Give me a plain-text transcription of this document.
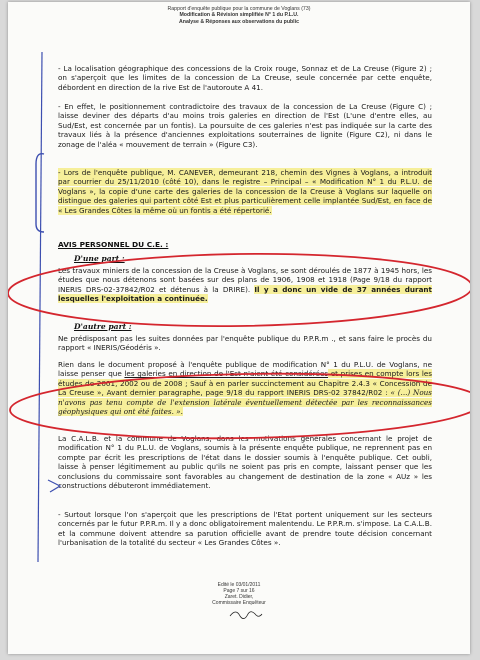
Rapport d'enquête publique pour la commune de Voglans (73)
Modification & Révision simplifiée N° 1 du P.L.U.
Analyse & Réponses aux observations du public
- La localisation géographique des concessions de la Croix rouge, Sonnaz et de La Creuse (Figure 2) ; on s'aperçoit que les limites de la concession de La Creuse, seule concernée par cette enquête, débordent en direction de la rive Est de l'autoroute A 41.
- En effet, le positionnement contradictoire des travaux de la concession de La Creuse (Figure C) ; laisse deviner des départs d'au moins trois galeries en direction de l'Est (L'une d'entre elles, au Sud/Est, est concernée par un fontis). La poursuite de ces galeries n'est pas indiquée sur la carte des travaux liés à la présence d'anciennes exploitations souterraines de lignite (Figure C2), ni dans le zonage de l'aléa « mouvement de terrain » (Figure C3).
- Lors de l'enquête publique, M. CANEVER, demeurant 218, chemin des Vignes à Voglans, a introduit par courrier du 25/11/2010 (côté 10), dans le registre – Principal – « Modification N° 1 du P.L.U. de Voglans », la copie d'une carte des galeries de la concession de la Creuse à Voglans sur laquelle on distingue des galeries qui partent côté Est et plus particulièrement celle implantée Sud/Est, en face de « Les Grandes Côtes la même où un fontis a été répertorié.
AVIS PERSONNEL DU C.E. :
D'une part :
Les travaux miniers de la concession de la Creuse à Voglans, se sont déroulés de 1877 à 1945 hors, les études que nous détenons sont basées sur des plans de 1906, 1908 et 1918 (Page 9/18 du rapport INERIS DRS-02-37842/R02 et détenus à la DRIRE). Il y a donc un vide de 37 années durant lesquelles l'exploitation a continuée.
D'autre part :
Ne prédisposant pas les suites données par l'enquête publique du P.P.R.m ., et sans faire le procès du rapport « INERIS/Géodéris ».
Rien dans le document proposé à l'enquête publique de modification N° 1 du P.L.U. de Voglans, ne laisse penser que les galeries en direction de l'Est n'aient été considérées et prises en compte lors les études de 2001, 2002 ou de 2008 ; Sauf à en parler succinctement au Chapitre 2.4.3 « Concession de La Creuse », Avant dernier paragraphe, page 9/18 du rapport INERIS DRS-02 37842/R02 : « (...) Nous n'avons pas tenu compte de l'extension latérale éventuellement détectée par les reconnaissances géophysiques qui ont été faites. ».
La C.A.L.B. et la commune de Voglans, dans les motivations générales concernant le projet de modification N° 1 du P.L.U. de Voglans, soumis à la présente enquête publique, ne reprennent pas en compte par écrit les prescriptions de l'état dans le dossier soumis à l'enquête publique. Cet oubli, laisse à penser légitimement au public qu'ils ne soient pas pris en compte, laissant penser que les conclusions du commissaire sont favorables au changement de destination de la zone « AUz » les constructions débuteront immédiatement.
- Surtout lorsque l'on s'aperçoit que les prescriptions de l'Etat portent uniquement sur les secteurs concernés par le futur P.P.R.m. Il y a donc obligatoirement malentendu. Le P.P.R.m. s'impose. La C.A.L.B. et la commune doivent attendre sa parution officielle avant de prendre toute décision concernant l'urbanisation de la totalité du secteur « Les Grandes Côtes ».
Edité le 03/01/2011
Page 7 sur 16
Zaret. Didier,
Commissaire Enquêteur
